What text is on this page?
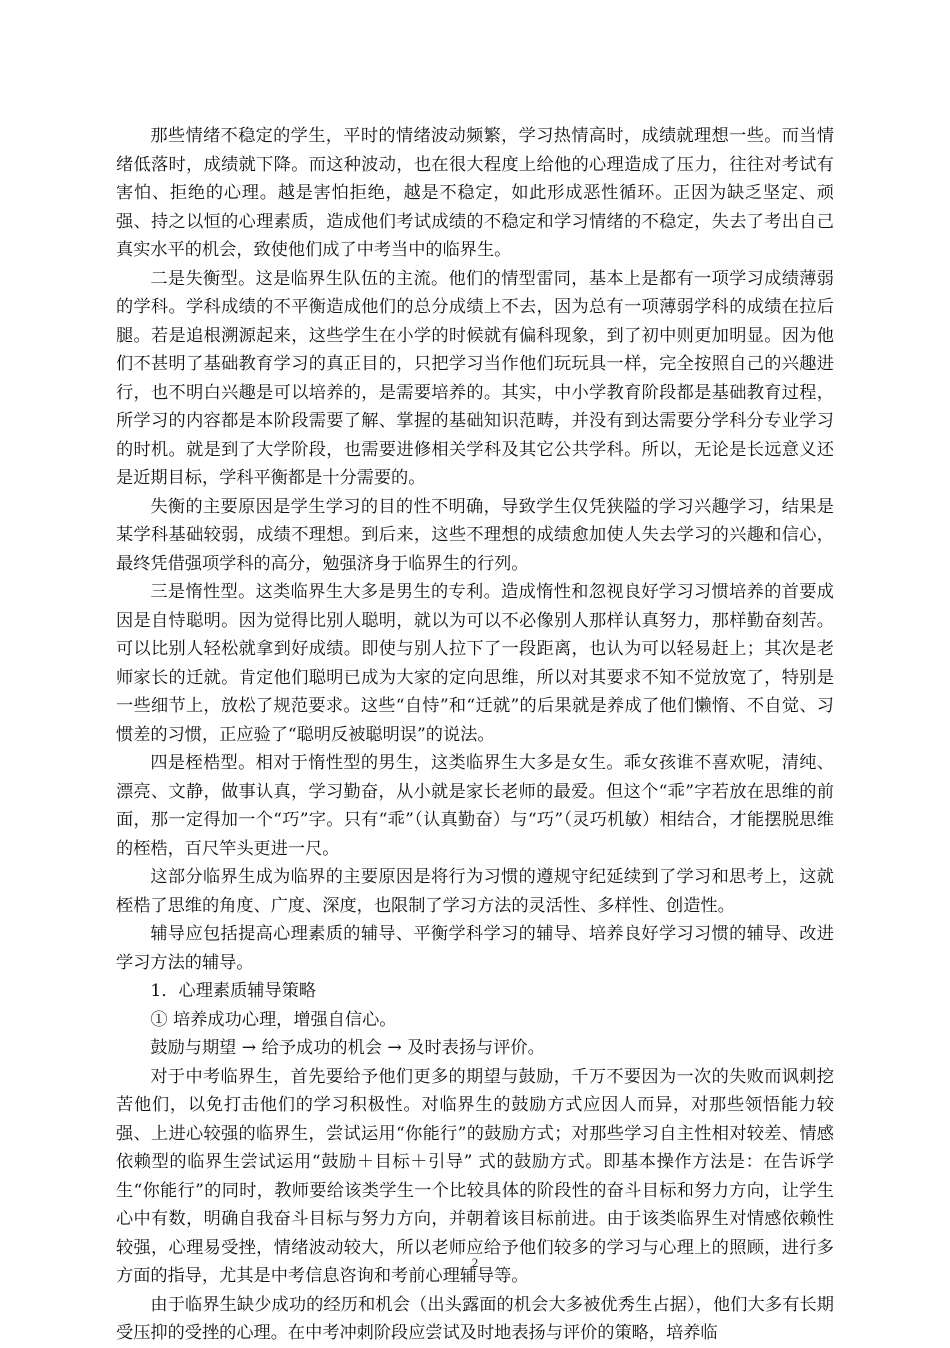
那些情绪不稳定的学生，平时的情绪波动频繁，学习热情高时，成绩就理想一些。而当情绪低落时，成绩就下降。而这种波动，也在很大程度上给他的心理造成了压力，往往对考试有害怕、拒绝的心理。越是害怕拒绝，越是不稳定，如此形成恶性循环。正因为缺乏坚定、顽强、持之以恒的心理素质，造成他们考试成绩的不稳定和学习情绪的不稳定，失去了考出自己真实水平的机会，致使他们成了中考当中的临界生。

二是失衡型。这是临界生队伍的主流。他们的情型雷同，基本上是都有一项学习成绩薄弱的学科。学科成绩的不平衡造成他们的总分成绩上不去，因为总有一项薄弱学科的成绩在拉后腿。若是追根溯源起来，这些学生在小学的时候就有偏科现象，到了初中则更加明显。因为他们不甚明了基础教育学习的真正目的，只把学习当作他们玩玩具一样，完全按照自己的兴趣进行，也不明白兴趣是可以培养的，是需要培养的。其实，中小学教育阶段都是基础教育过程，所学习的内容都是本阶段需要了解、掌握的基础知识范畴，并没有到达需要分学科分专业学习的时机。就是到了大学阶段，也需要进修相关学科及其它公共学科。所以，无论是长远意义还是近期目标，学科平衡都是十分需要的。

失衡的主要原因是学生学习的目的性不明确，导致学生仅凭狭隘的学习兴趣学习，结果是某学科基础较弱，成绩不理想。到后来，这些不理想的成绩愈加使人失去学习的兴趣和信心，最终凭借强项学科的高分，勉强济身于临界生的行列。

三是惰性型。这类临界生大多是男生的专利。造成惰性和忽视良好学习习惯培养的首要成因是自恃聪明。因为觉得比别人聪明，就以为可以不必像别人那样认真努力，那样勤奋刻苦。可以比别人轻松就拿到好成绩。即使与别人拉下了一段距离，也认为可以轻易赶上；其次是老师家长的迁就。肯定他们聪明已成为大家的定向思维，所以对其要求不知不觉放宽了，特别是一些细节上，放松了规范要求。这些“自恃”和“迁就”的后果就是养成了他们懒惰、不自觉、习惯差的习惯，正应验了“聪明反被聪明误”的说法。

四是桎梏型。相对于惰性型的男生，这类临界生大多是女生。乖女孩谁不喜欢呢，清纯、漂亮、文静，做事认真，学习勤奋，从小就是家长老师的最爱。但这个“乖”字若放在思维的前面，那一定得加一个“巧”字。只有“乖”（认真勤奋）与“巧”（灵巧机敏）相结合，才能摆脱思维的桎梏，百尺竿头更进一尺。

这部分临界生成为临界的主要原因是将行为习惯的遵规守纪延续到了学习和思考上，这就桎梏了思维的角度、广度、深度，也限制了学习方法的灵活性、多样性、创造性。

辅导应包括提高心理素质的辅导、平衡学科学习的辅导、培养良好学习习惯的辅导、改进学习方法的辅导。

1．心理素质辅导策略

① 培养成功心理，增强自信心。

鼓励与期望 → 给予成功的机会 → 及时表扬与评价。

对于中考临界生，首先要给予他们更多的期望与鼓励，千万不要因为一次的失败而讽刺挖苦他们，以免打击他们的学习积极性。对临界生的鼓励方式应因人而异，对那些领悟能力较强、上进心较强的临界生，尝试运用“你能行”的鼓励方式；对那些学习自主性相对较差、情感依赖型的临界生尝试运用“鼓励＋目标＋引导” 式的鼓励方式。即基本操作方法是：在告诉学生“你能行”的同时，教师要给该类学生一个比较具体的阶段性的奋斗目标和努力方向，让学生心中有数，明确自我奋斗目标与努力方向，并朝着该目标前进。由于该类临界生对情感依赖性较强，心理易受挫，情绪波动较大，所以老师应给予他们较多的学习与心理上的照顾，进行多方面的指导，尤其是中考信息咨询和考前心理辅导等。

由于临界生缺少成功的经历和机会（出头露面的机会大多被优秀生占据），他们大多有长期受压抑的受挫的心理。在中考冲刺阶段应尝试及时地表扬与评价的策略，培养临

2
